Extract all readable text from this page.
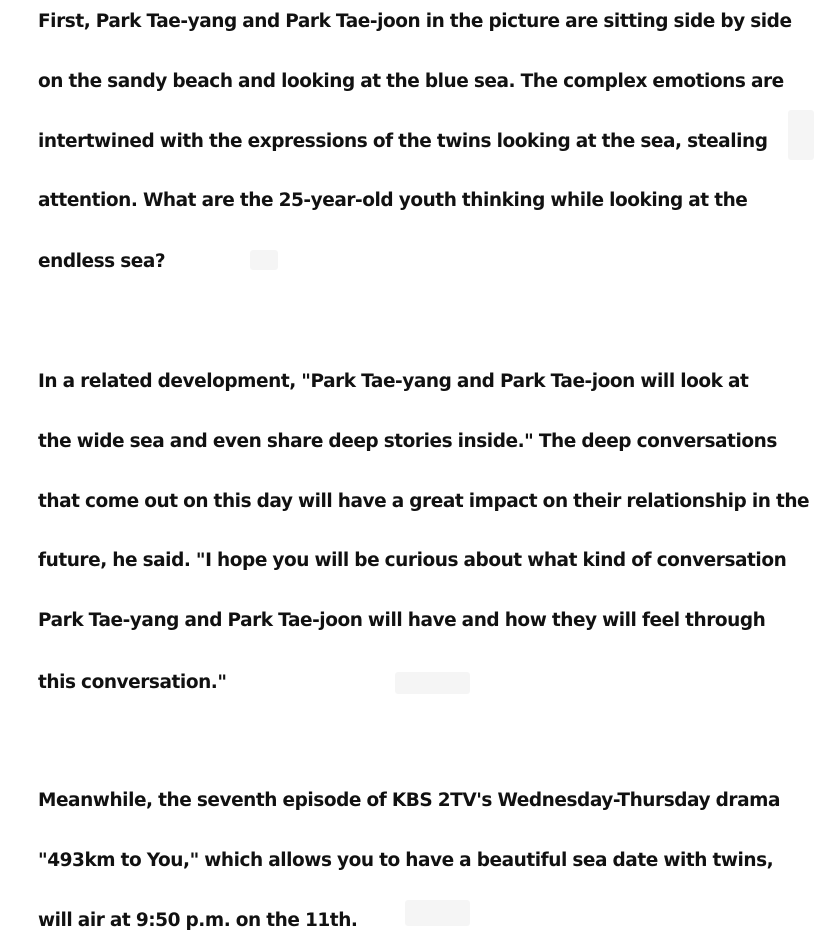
First, Park Tae-yang and Park Tae-joon in the picture are sitting side by side

on the sandy beach and looking at the blue sea. The complex emotions are

intertwined with the expressions of the twins looking at the sea, stealing

attention. What are the 25-year-old youth thinking while looking at the

endless sea?

In a related development, "Park Tae-yang and Park Tae-joon will look at

the wide sea and even share deep stories inside." The deep conversations

that come out on this day will have a great impact on their relationship in the

future, he said. "I hope you will be curious about what kind of conversation

Park Tae-yang and Park Tae-joon will have and how they will feel through

this conversation."

Meanwhile, the seventh episode of KBS 2TV's Wednesday-Thursday drama

"493km to You," which allows you to have a beautiful sea date with twins,

will air at 9:50 p.m. on the 11th.
